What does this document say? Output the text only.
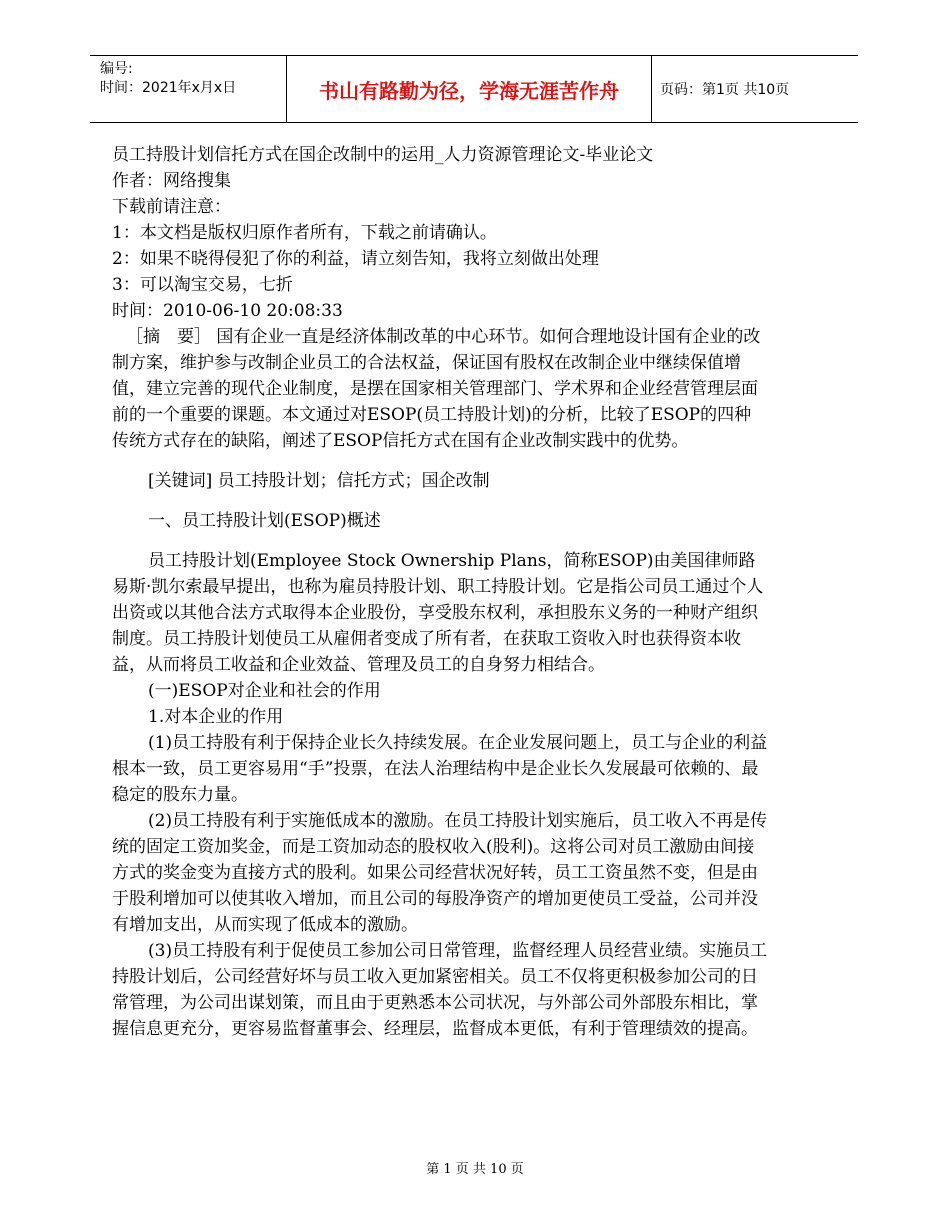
编号:
时间：2021年x月x日	书山有路勤为径，学海无涯苦作舟	页码：第1页 共10页

员工持股计划信托方式在国企改制中的运用_人力资源管理论文-毕业论文

作者：网络搜集

下载前请注意：

1：本文档是版权归原作者所有，下载之前请确认。

2：如果不晓得侵犯了你的利益，请立刻告知，我将立刻做出处理

3：可以淘宝交易，七折

时间：2010-06-10 20:08:33

［摘　要］ 国有企业一直是经济体制改革的中心环节。如何合理地设计国有企业的改制方案，维护参与改制企业员工的合法权益，保证国有股权在改制企业中继续保值增值，建立完善的现代企业制度，是摆在国家相关管理部门、学术界和企业经营管理层面前的一个重要的课题。本文通过对ESOP(员工持股计划)的分析，比较了ESOP的四种传统方式存在的缺陷，阐述了ESOP信托方式在国有企业改制实践中的优势。

[关键词] 员工持股计划；信托方式；国企改制

一、员工持股计划(ESOP)概述

员工持股计划(Employee Stock Ownership Plans，简称ESOP)由美国律师路易斯·凯尔索最早提出，也称为雇员持股计划、职工持股计划。它是指公司员工通过个人出资或以其他合法方式取得本企业股份，享受股东权利，承担股东义务的一种财产组织制度。员工持股计划使员工从雇佣者变成了所有者，在获取工资收入时也获得资本收益，从而将员工收益和企业效益、管理及员工的自身努力相结合。

(一)ESOP对企业和社会的作用

1.对本企业的作用

(1)员工持股有利于保持企业长久持续发展。在企业发展问题上，员工与企业的利益根本一致，员工更容易用“手”投票，在法人治理结构中是企业长久发展最可依赖的、最稳定的股东力量。

(2)员工持股有利于实施低成本的激励。在员工持股计划实施后，员工收入不再是传统的固定工资加奖金，而是工资加动态的股权收入(股利)。这将公司对员工激励由间接方式的奖金变为直接方式的股利。如果公司经营状况好转，员工工资虽然不变，但是由于股利增加可以使其收入增加，而且公司的每股净资产的增加更使员工受益，公司并没有增加支出，从而实现了低成本的激励。

(3)员工持股有利于促使员工参加公司日常管理，监督经理人员经营业绩。实施员工持股计划后，公司经营好坏与员工收入更加紧密相关。员工不仅将更积极参加公司的日常管理，为公司出谋划策，而且由于更熟悉本公司状况，与外部公司外部股东相比，掌握信息更充分，更容易监督董事会、经理层，监督成本更低，有利于管理绩效的提高。

第 1 页 共 10 页
